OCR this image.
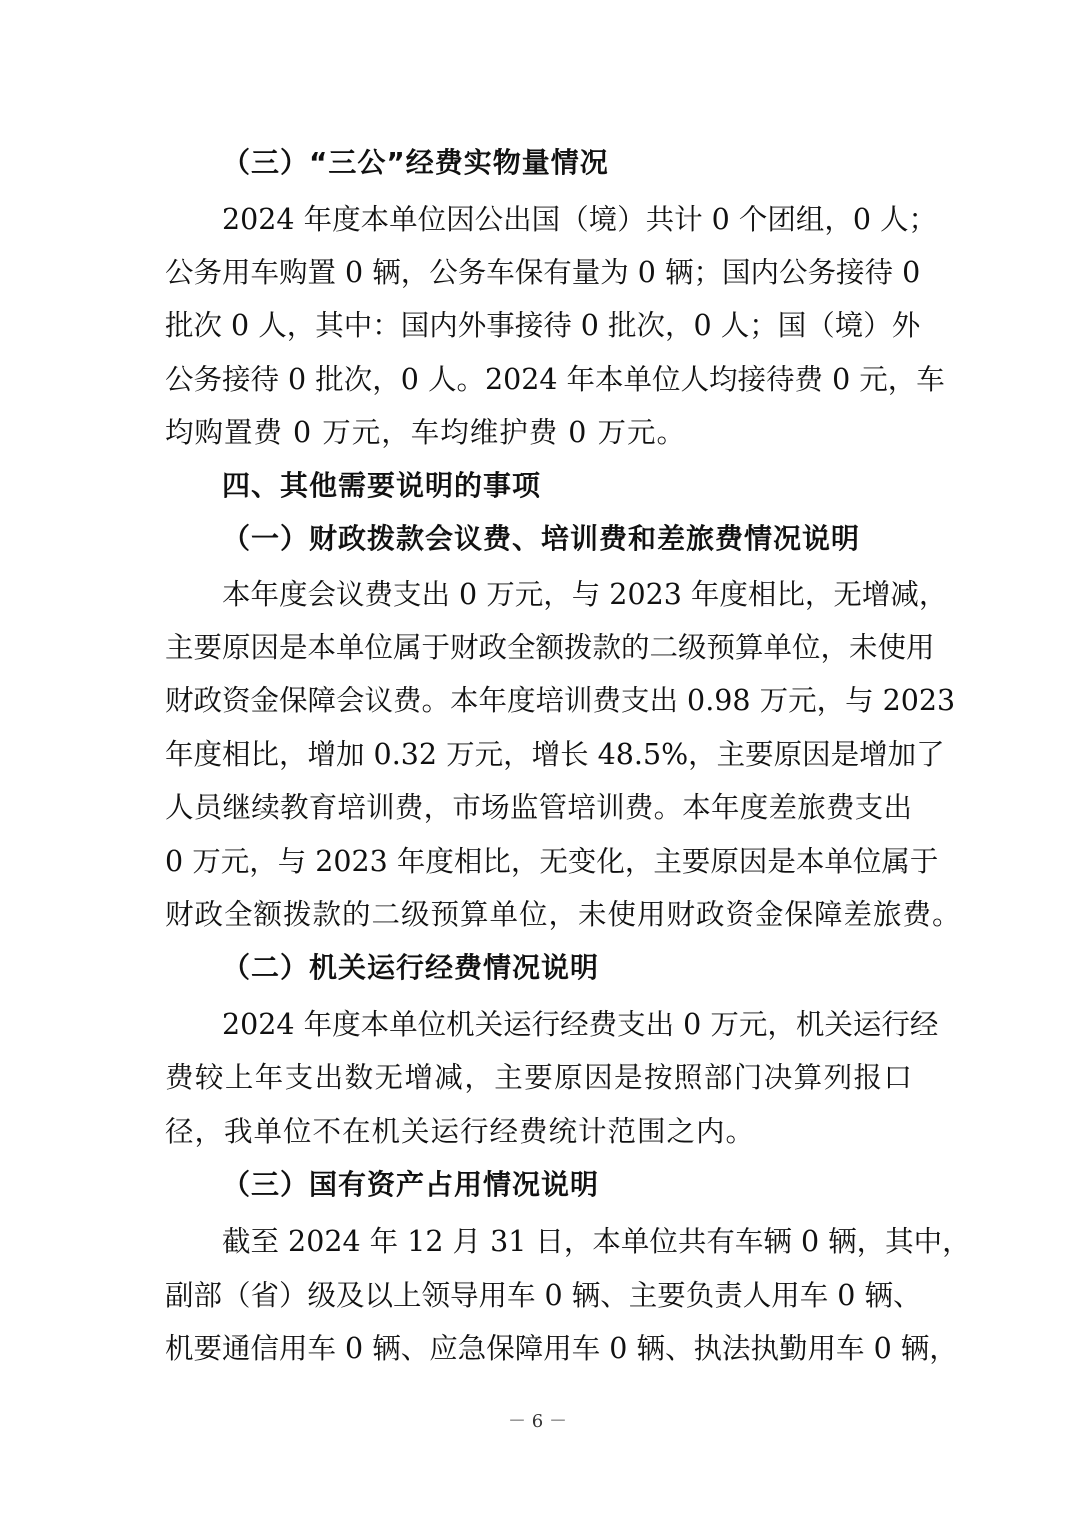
（三）“三公”经费实物量情况
2024 年度本单位因公出国（境）共计 0 个团组，0 人；
公务用车购置 0 辆，公务车保有量为 0 辆；国内公务接待 0
批次 0 人，其中：国内外事接待 0 批次，0 人；国（境）外
公务接待 0 批次，0 人。2024 年本单位人均接待费 0 元，车
均购置费 0 万元，车均维护费 0 万元。
四、其他需要说明的事项
（一）财政拨款会议费、培训费和差旅费情况说明
本年度会议费支出 0 万元，与 2023 年度相比，无增减，
主要原因是本单位属于财政全额拨款的二级预算单位，未使用
财政资金保障会议费。本年度培训费支出 0.98 万元，与 2023
年度相比，增加 0.32 万元，增长 48.5%，主要原因是增加了
人员继续教育培训费，市场监管培训费。本年度差旅费支出
0 万元，与 2023 年度相比，无变化，主要原因是本单位属于
财政全额拨款的二级预算单位，未使用财政资金保障差旅费。
（二）机关运行经费情况说明
2024 年度本单位机关运行经费支出 0 万元，机关运行经
费较上年支出数无增减，主要原因是按照部门决算列报口
径，我单位不在机关运行经费统计范围之内。
（三）国有资产占用情况说明
截至 2024 年 12 月 31 日，本单位共有车辆 0 辆，其中，
副部（省）级及以上领导用车 0 辆、主要负责人用车 0 辆、
机要通信用车 0 辆、应急保障用车 0 辆、执法执勤用车 0 辆，
－ 6 －
